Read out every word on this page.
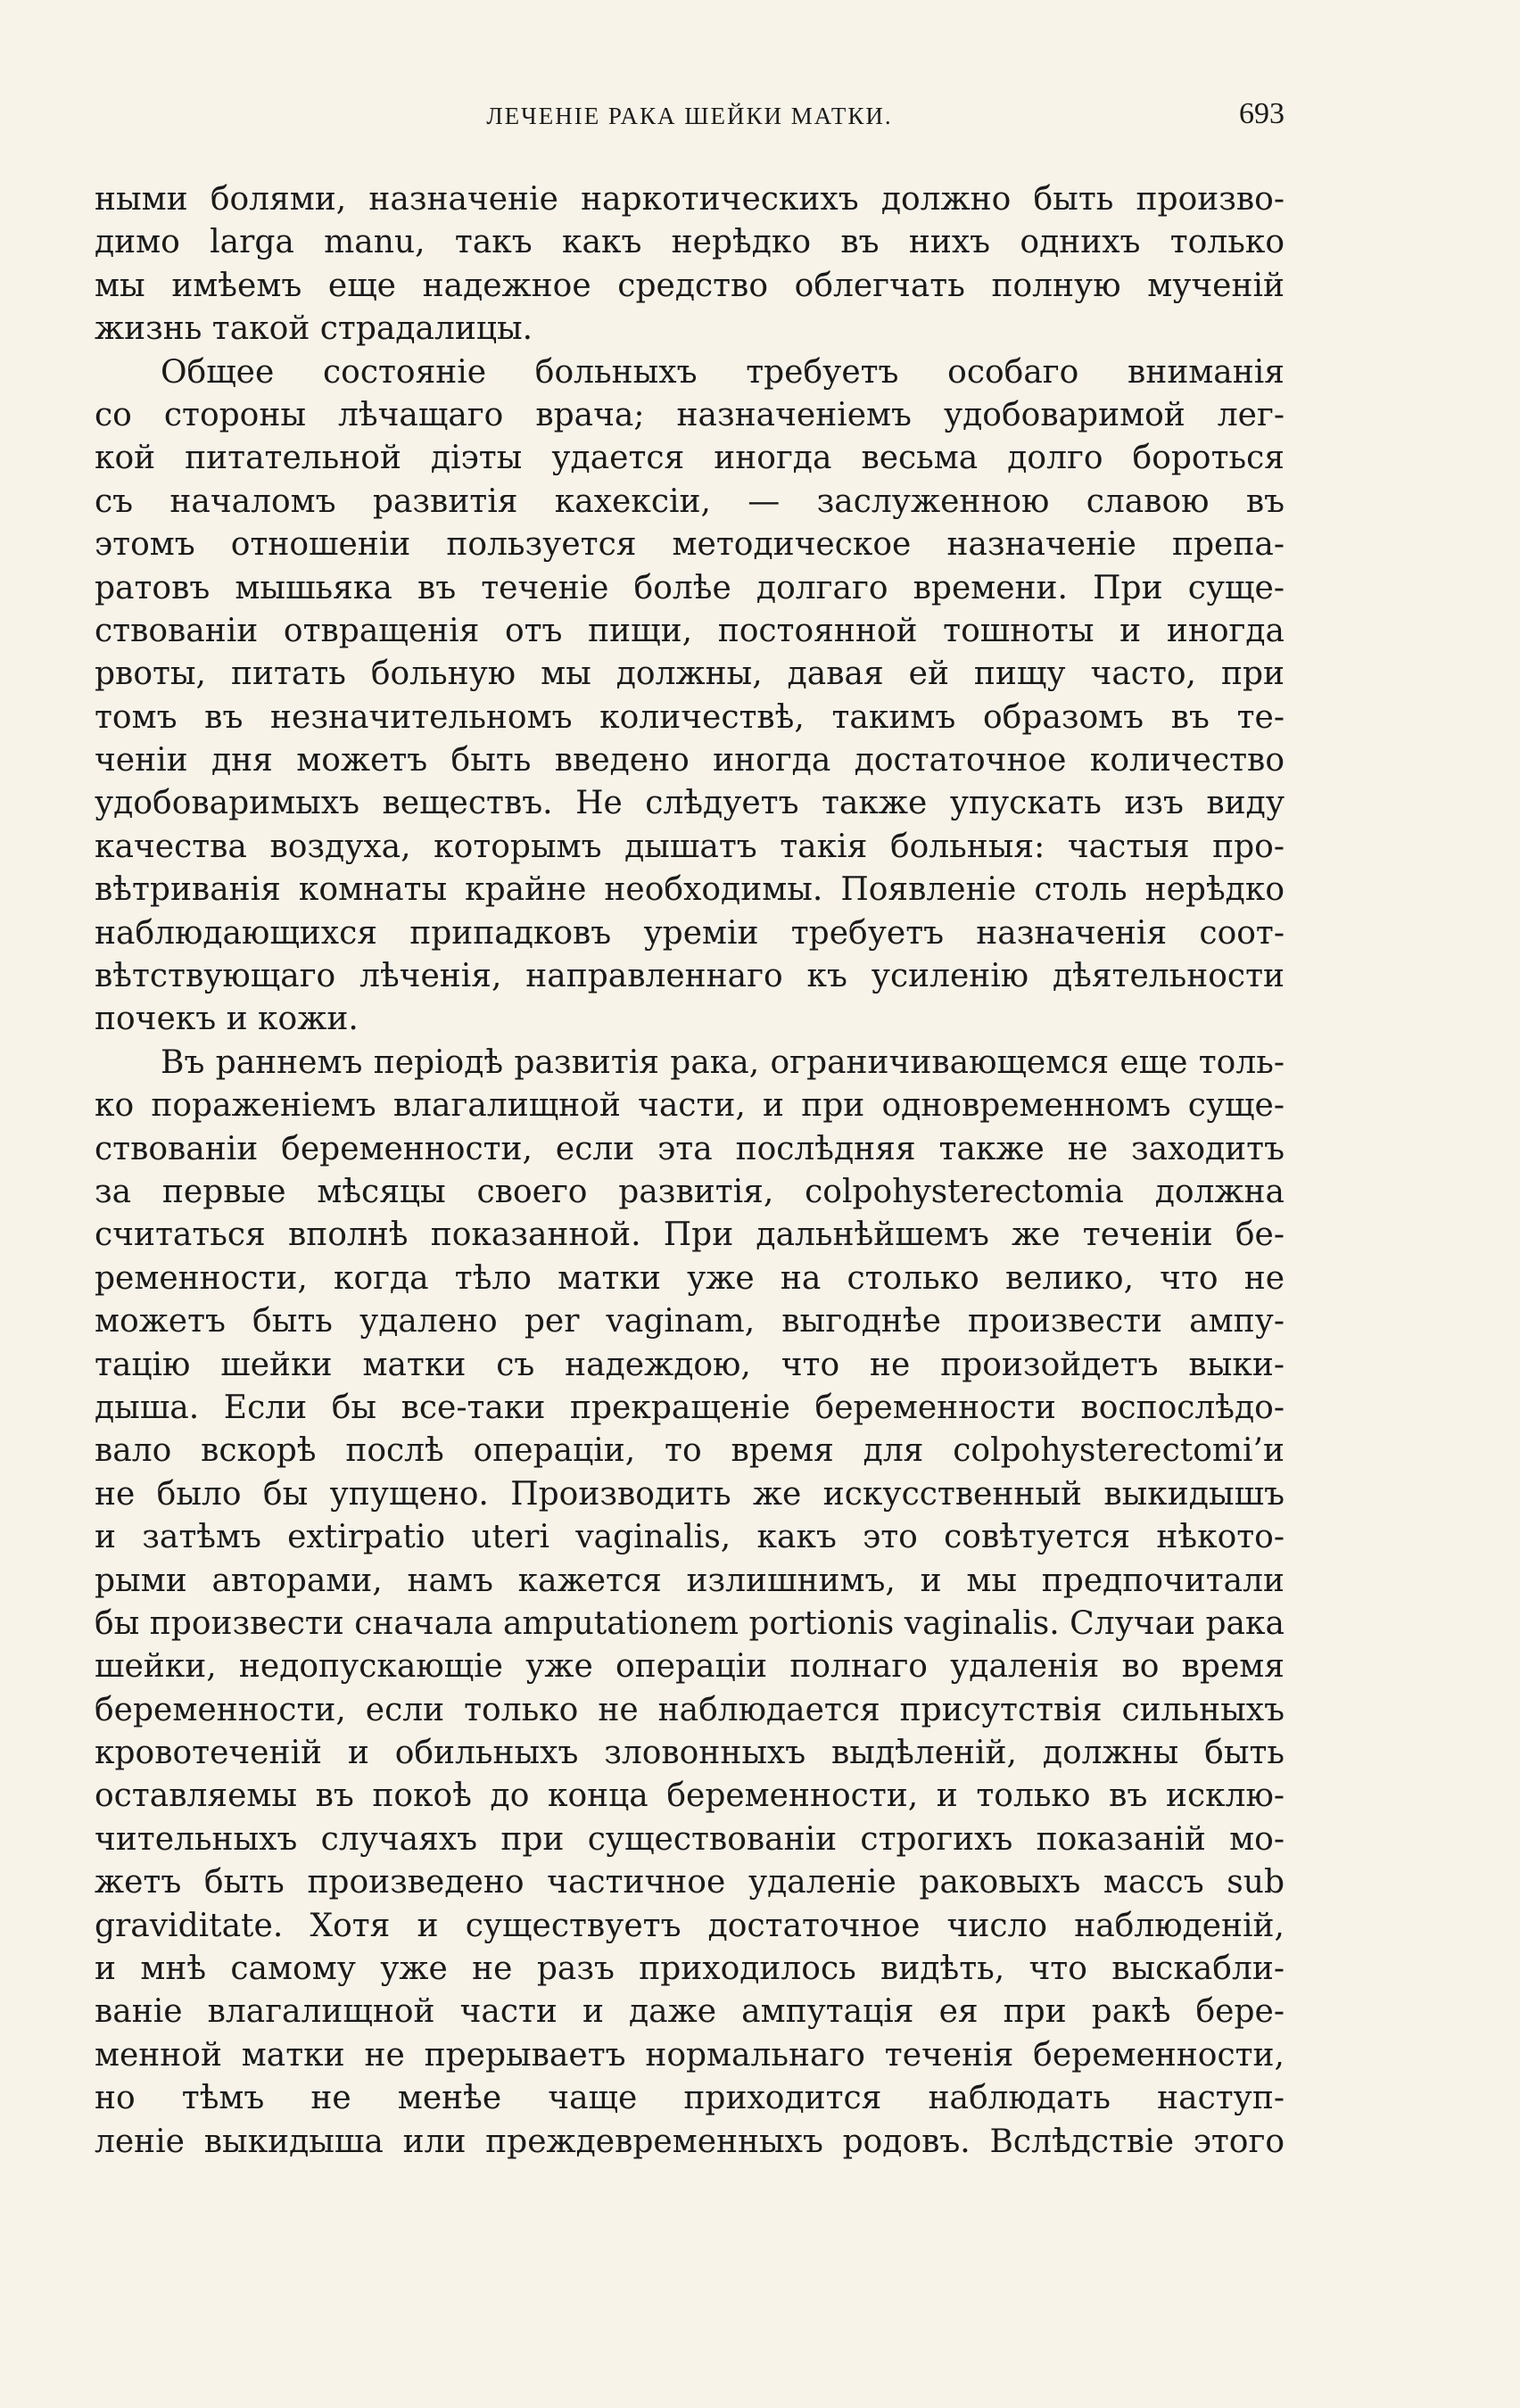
ЛЕЧЕНІЕ РАКА ШЕЙКИ МАТКИ.	693
ными болями, назначеніе наркотическихъ должно быть произво-
димо larga manu, такъ какъ нерѣдко въ нихъ однихъ только
мы имѣемъ еще надежное средство облегчать полную мученій
жизнь такой страдалицы.
Общее состояніе больныхъ требуетъ особаго вниманія
со стороны лѣчащаго врача; назначеніемъ удобоваримой лег-
кой питательной діэты удается иногда весьма долго бороться
съ началомъ развитія кахексіи, — заслуженною славою въ
этомъ отношеніи пользуется методическое назначеніе препа-
ратовъ мышьяка въ теченіе болѣе долгаго времени. При суще-
ствованіи отвращенія отъ пищи, постоянной тошноты и иногда
рвоты, питать больную мы должны, давая ей пищу часто, при
томъ въ незначительномъ количествѣ, такимъ образомъ въ те-
ченіи дня можетъ быть введено иногда достаточное количество
удобоваримыхъ веществъ. Не слѣдуетъ также упускать изъ виду
качества воздуха, которымъ дышатъ такія больныя: частыя про-
вѣтриванія комнаты крайне необходимы. Появленіе столь нерѣдко
наблюдающихся припадковъ уреміи требуетъ назначенія соот-
вѣтствующаго лѣченія, направленнаго къ усиленію дѣятельности
почекъ и кожи.
Въ раннемъ періодѣ развитія рака, ограничивающемся еще толь-
ко пораженіемъ влагалищной части, и при одновременномъ суще-
ствованіи беременности, если эта послѣдняя также не заходитъ
за первые мѣсяцы своего развитія, colpohysterectomia должна
считаться вполнѣ показанной. При дальнѣйшемъ же теченіи бе-
ременности, когда тѣло матки уже на столько велико, что не
можетъ быть удалено per vaginam, выгоднѣе произвести ампу-
тацію шейки матки съ надеждою, что не произойдетъ выки-
дыша. Если бы все-таки прекращеніе беременности воспослѣдо-
вало вскорѣ послѣ операціи, то время для colpohysterectomi’и
не было бы упущено. Производить же искусственный выкидышъ
и затѣмъ extirpatio uteri vaginalis, какъ это совѣтуется нѣкото-
рыми авторами, намъ кажется излишнимъ, и мы предпочитали
бы произвести сначала amputationem portionis vaginalis. Случаи рака
шейки, недопускающіе уже операціи полнаго удаленія во время
беременности, если только не наблюдается присутствія сильныхъ
кровотеченій и обильныхъ зловонныхъ выдѣленій, должны быть
оставляемы въ покоѣ до конца беременности, и только въ исклю-
чительныхъ случаяхъ при существованіи строгихъ показаній мо-
жетъ быть произведено частичное удаленіе раковыхъ массъ sub
graviditate. Хотя и существуетъ достаточное число наблюденій,
и мнѣ самому уже не разъ приходилось видѣть, что выскабли-
ваніе влагалищной части и даже ампутація ея при ракѣ бере-
менной матки не прерываетъ нормальнаго теченія беременности,
но тѣмъ не менѣе чаще приходится наблюдать наступ-
леніе выкидыша или преждевременныхъ родовъ. Вслѣдствіе этого
